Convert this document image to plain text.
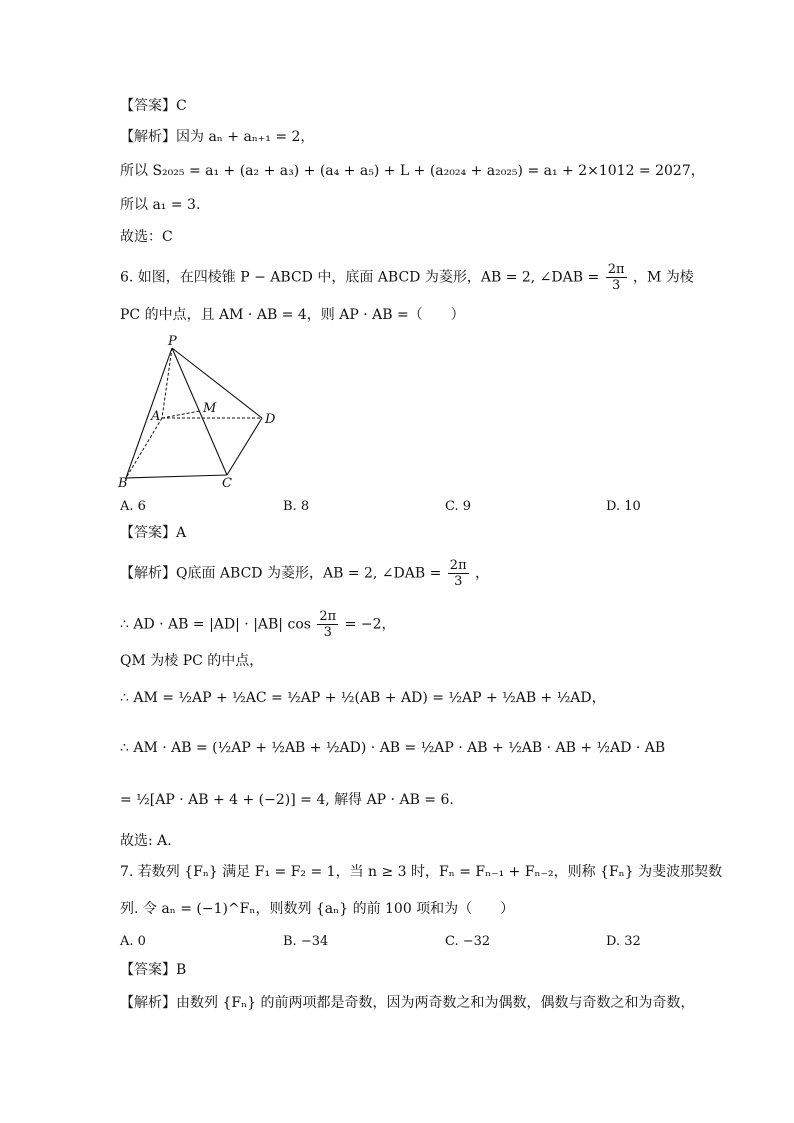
【答案】C
【解析】因为 aₙ + aₙ₊₁ = 2，
所以 S₂₀₂₅ = a₁ + (a₂ + a₃) + (a₄ + a₅) + L + (a₂₀₂₄ + a₂₀₂₅) = a₁ + 2×1012 = 2027，
所以 a₁ = 3.
故选：C
6. 如图，在四棱锥 P − ABCD 中，底面 ABCD 为菱形，AB = 2, ∠DAB = $\frac{2\pi}{3}$ ，M 为棱
PC 的中点，且 AM · AB = 4，则 AP · AB =（　　）
P
A
M
D
B	C
A. 6	B. 8	C. 9	D. 10
【答案】A
【解析】Q底面 ABCD 为菱形，AB = 2, ∠DAB = $\frac{2\pi}{3}$ ，
∴ AD · AB = |AD| · |AB| $\cos \frac{2\pi}{3} = -2$，
QM 为棱 PC 的中点，
∴ AM = ½AP + ½AC = ½AP + ½(AB + AD) = ½AP + ½AB + ½AD，
∴ AM · AB = (½AP + ½AB + ½AD) · AB = ½AP · AB + ½AB · AB + ½AD · AB
= ½[AP · AB + 4 + (−2)] = 4, 解得 AP · AB = 6.
故选: A.
7. 若数列 {Fₙ} 满足 F₁ = F₂ = 1，当 n ≥ 3 时，Fₙ = Fₙ₋₁ + Fₙ₋₂，则称 {Fₙ} 为斐波那契数
列. 令 aₙ = (−1)^Fₙ，则数列 {aₙ} 的前 100 项和为（　　）
A. 0	B. −34	C. −32	D. 32
【答案】B
【解析】由数列 {Fₙ} 的前两项都是奇数，因为两奇数之和为偶数，偶数与奇数之和为奇数，
